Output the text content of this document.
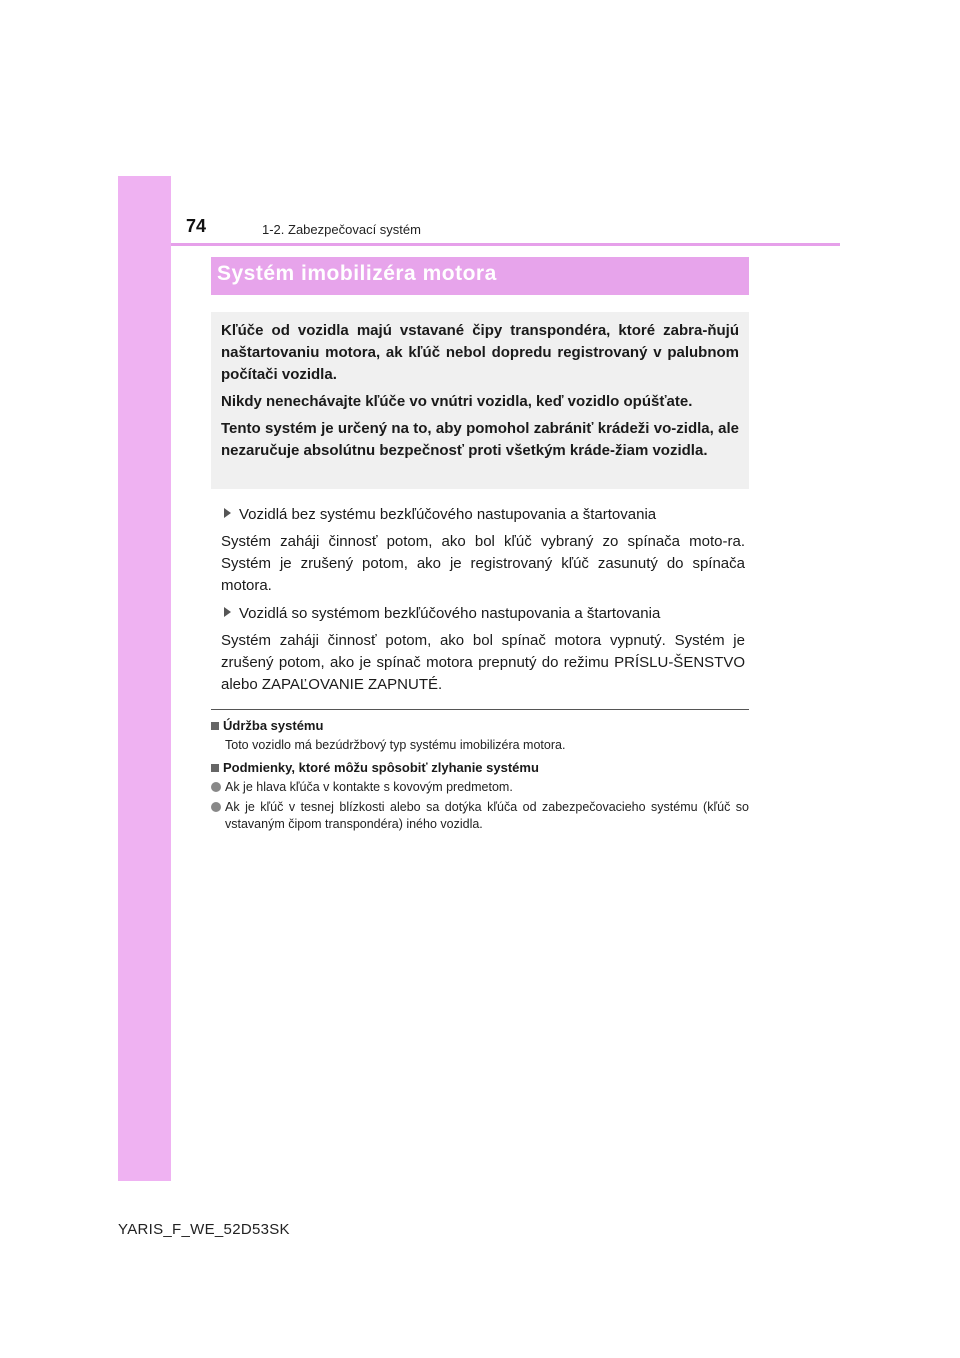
74	1-2. Zabezpečovací systém
Systém imobilizéra motora

Kľúče od vozidla majú vstavané čipy transpondéra, ktoré zabra-ňujú naštartovaniu motora, ak kľúč nebol dopredu registrovaný v palubnom počítači vozidla.

Nikdy nenechávajte kľúče vo vnútri vozidla, keď vozidlo opúšťate.

Tento systém je určený na to, aby pomohol zabrániť krádeži vo-zidla, ale nezaručuje absolútnu bezpečnosť proti všetkým kráde-žiam vozidla.

Vozidlá bez systému bezkľúčového nastupovania a štartovania

Systém zaháji činnosť potom, ako bol kľúč vybraný zo spínača moto-ra. Systém je zrušený potom, ako je registrovaný kľúč zasunutý do spínača motora.

Vozidlá so systémom bezkľúčového nastupovania a štartovania

Systém zaháji činnosť potom, ako bol spínač motora vypnutý. Systém je zrušený potom, ako je spínač motora prepnutý do režimu PRÍSLU-ŠENSTVO alebo ZAPAĽOVANIE ZAPNUTÉ.

Údržba systému

Toto vozidlo má bezúdržbový typ systému imobilizéra motora.

Podmienky, ktoré môžu spôsobiť zlyhanie systému

Ak je hlava kľúča v kontakte s kovovým predmetom.
Ak je kľúč v tesnej blízkosti alebo sa dotýka kľúča od zabezpečovacieho systému (kľúč so vstavaným čipom transpondéra) iného vozidla.
YARIS_F_WE_52D53SK
